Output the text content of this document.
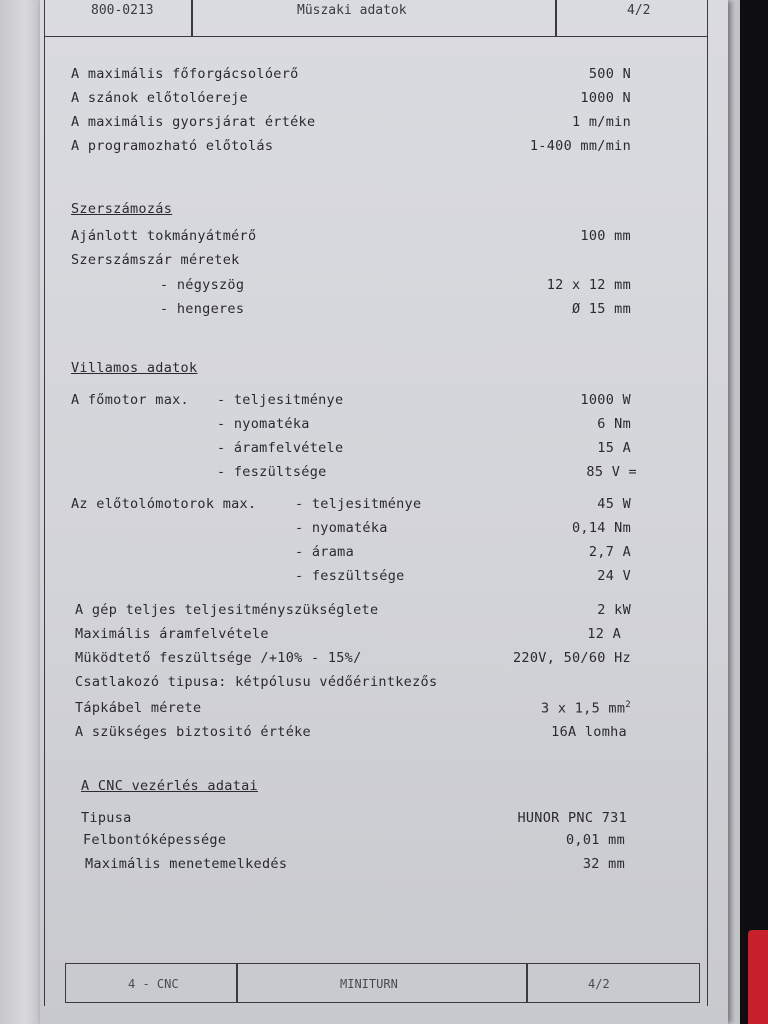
800-0213	Müszaki adatok	4/2
A maximális főforgácsolóerő	500 N
A szánok előtolóereje	1000 N
A maximális gyorsjárat értéke	1 m/min
A programozható előtolás	1-400 mm/min
Szerszámozás
Ajánlott tokmányátmérő	100 mm
Szerszámszár méretek
- négyszög	12 x 12 mm
- hengeres	Ø 15 mm
Villamos adatok
A főmotor max. - teljesitménye	1000 W
- nyomatéka	6 Nm
- áramfelvétele	15 A
- feszültsége	85 V =
Az előtolómotorok max.	- teljesitménye	45 W
- nyomatéka	0,14 Nm
- árama	2,7 A
- feszültsége	24 V
A gép teljes teljesitményszükséglete	2 kW
Maximális áramfelvétele	12 A
Müködtető feszültsége /+10% - 15%/	220V, 50/60 Hz
Csatlakozó tipusa: kétpólusu védőérintkezős
Tápkábel mérete	3 x 1,5 $mm^2$
A szükséges biztositó értéke	16A lomha
A CNC vezérlés adatai
Tipusa	HUNOR PNC 731
Felbontóképessége	0,01 mm
Maximális menetemelkedés	32 mm
4 - CNC	MINITURN	4/2
